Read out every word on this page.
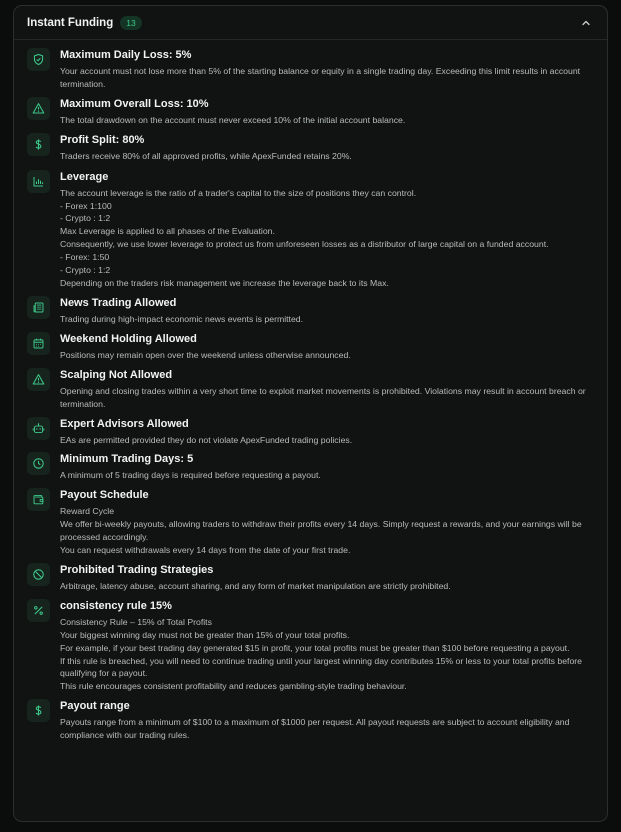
Instant Funding	13
Maximum Daily Loss: 5%
Your account must not lose more than 5% of the starting balance or equity in a single trading day. Exceeding this limit results in account termination.
Maximum Overall Loss: 10%
The total drawdown on the account must never exceed 10% of the initial account balance.
Profit Split: 80%
Traders receive 80% of all approved profits, while ApexFunded retains 20%.
Leverage
The account leverage is the ratio of a trader's capital to the size of positions they can control.
- Forex 1:100
- Crypto : 1:2
Max Leverage is applied to all phases of the Evaluation.
Consequently, we use lower leverage to protect us from unforeseen losses as a distributor of large capital on a funded account.
- Forex: 1:50
- Crypto : 1:2
Depending on the traders risk management we increase the leverage back to its Max.
News Trading Allowed
Trading during high-impact economic news events is permitted.
Weekend Holding Allowed
Positions may remain open over the weekend unless otherwise announced.
Scalping Not Allowed
Opening and closing trades within a very short time to exploit market movements is prohibited. Violations may result in account breach or termination.
Expert Advisors Allowed
EAs are permitted provided they do not violate ApexFunded trading policies.
Minimum Trading Days: 5
A minimum of 5 trading days is required before requesting a payout.
Payout Schedule
Reward Cycle
We offer bi-weekly payouts, allowing traders to withdraw their profits every 14 days. Simply request a rewards, and your earnings will be processed accordingly.
You can request withdrawals every 14 days from the date of your first trade.
Prohibited Trading Strategies
Arbitrage, latency abuse, account sharing, and any form of market manipulation are strictly prohibited.
consistency rule 15%
Consistency Rule – 15% of Total Profits
Your biggest winning day must not be greater than 15% of your total profits.
For example, if your best trading day generated $15 in profit, your total profits must be greater than $100 before requesting a payout.
If this rule is breached, you will need to continue trading until your largest winning day contributes 15% or less to your total profits before qualifying for a payout.
This rule encourages consistent profitability and reduces gambling-style trading behaviour.
Payout range
Payouts range from a minimum of $100 to a maximum of $1000 per request. All payout requests are subject to account eligibility and compliance with our trading rules.
